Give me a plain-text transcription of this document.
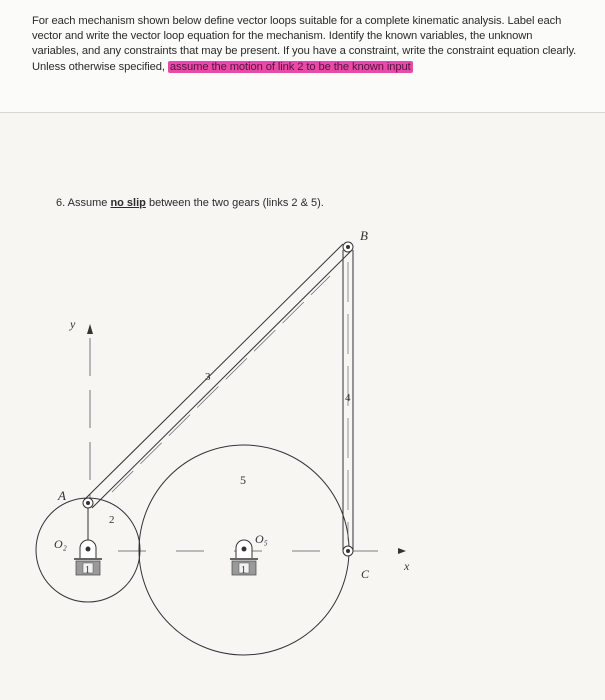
For each mechanism shown below define vector loops suitable for a complete kinematic analysis. Label each vector and write the vector loop equation for the mechanism. Identify the known variables, the unknown variables, and any constraints that may be present. If you have a constraint, write the constraint equation clearly. Unless otherwise specified, assume the motion of link 2 to be the known input
6. Assume no slip between the two gears (links 2 & 5).
B
A
C
O₂	O₅
x
y
2
3
4
5
1	1
